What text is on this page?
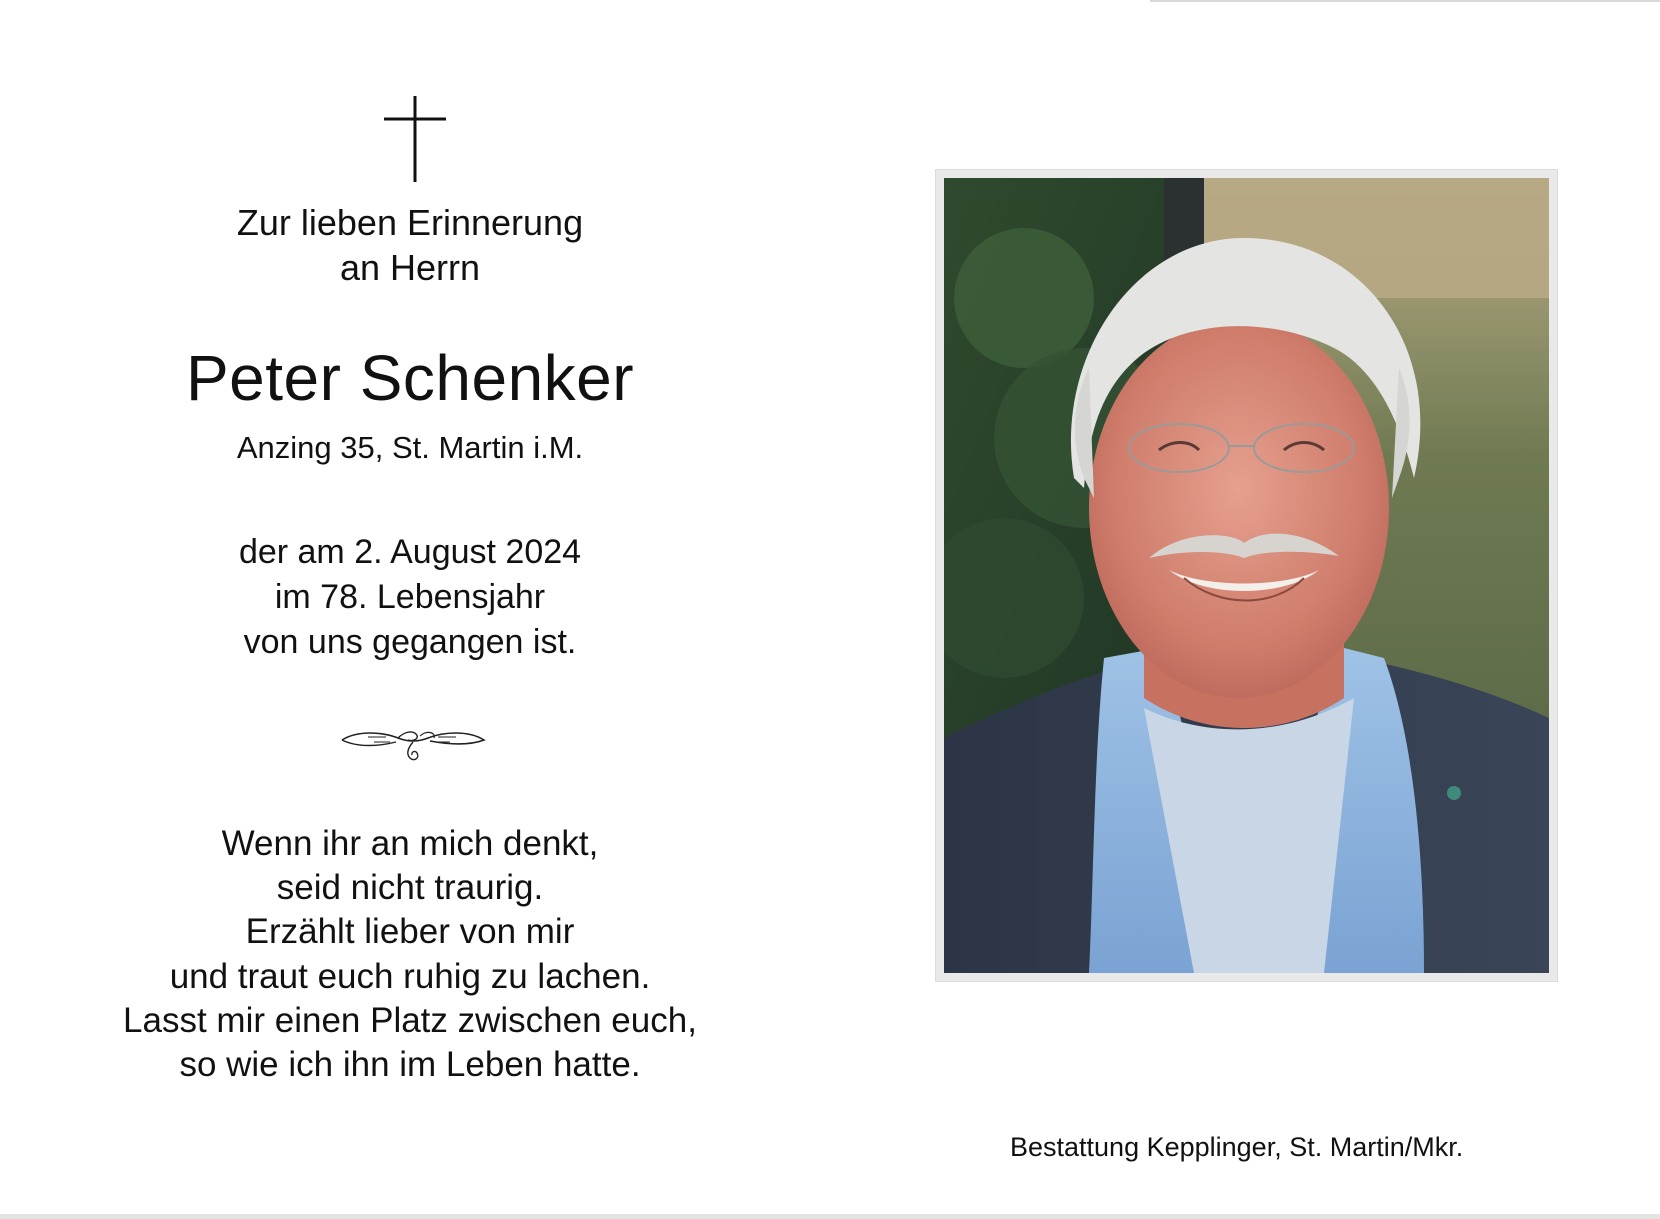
Zur lieben Erinnerung
an Herrn
Peter Schenker
Anzing 35, St. Martin i.M.
der am 2. August 2024
im 78. Lebensjahr
von uns gegangen ist.
Wenn ihr an mich denkt,
seid nicht traurig.
Erzählt lieber von mir
und traut euch ruhig zu lachen.
Lasst mir einen Platz zwischen euch,
so wie ich ihn im Leben hatte.
Bestattung Kepplinger, St. Martin/Mkr.
